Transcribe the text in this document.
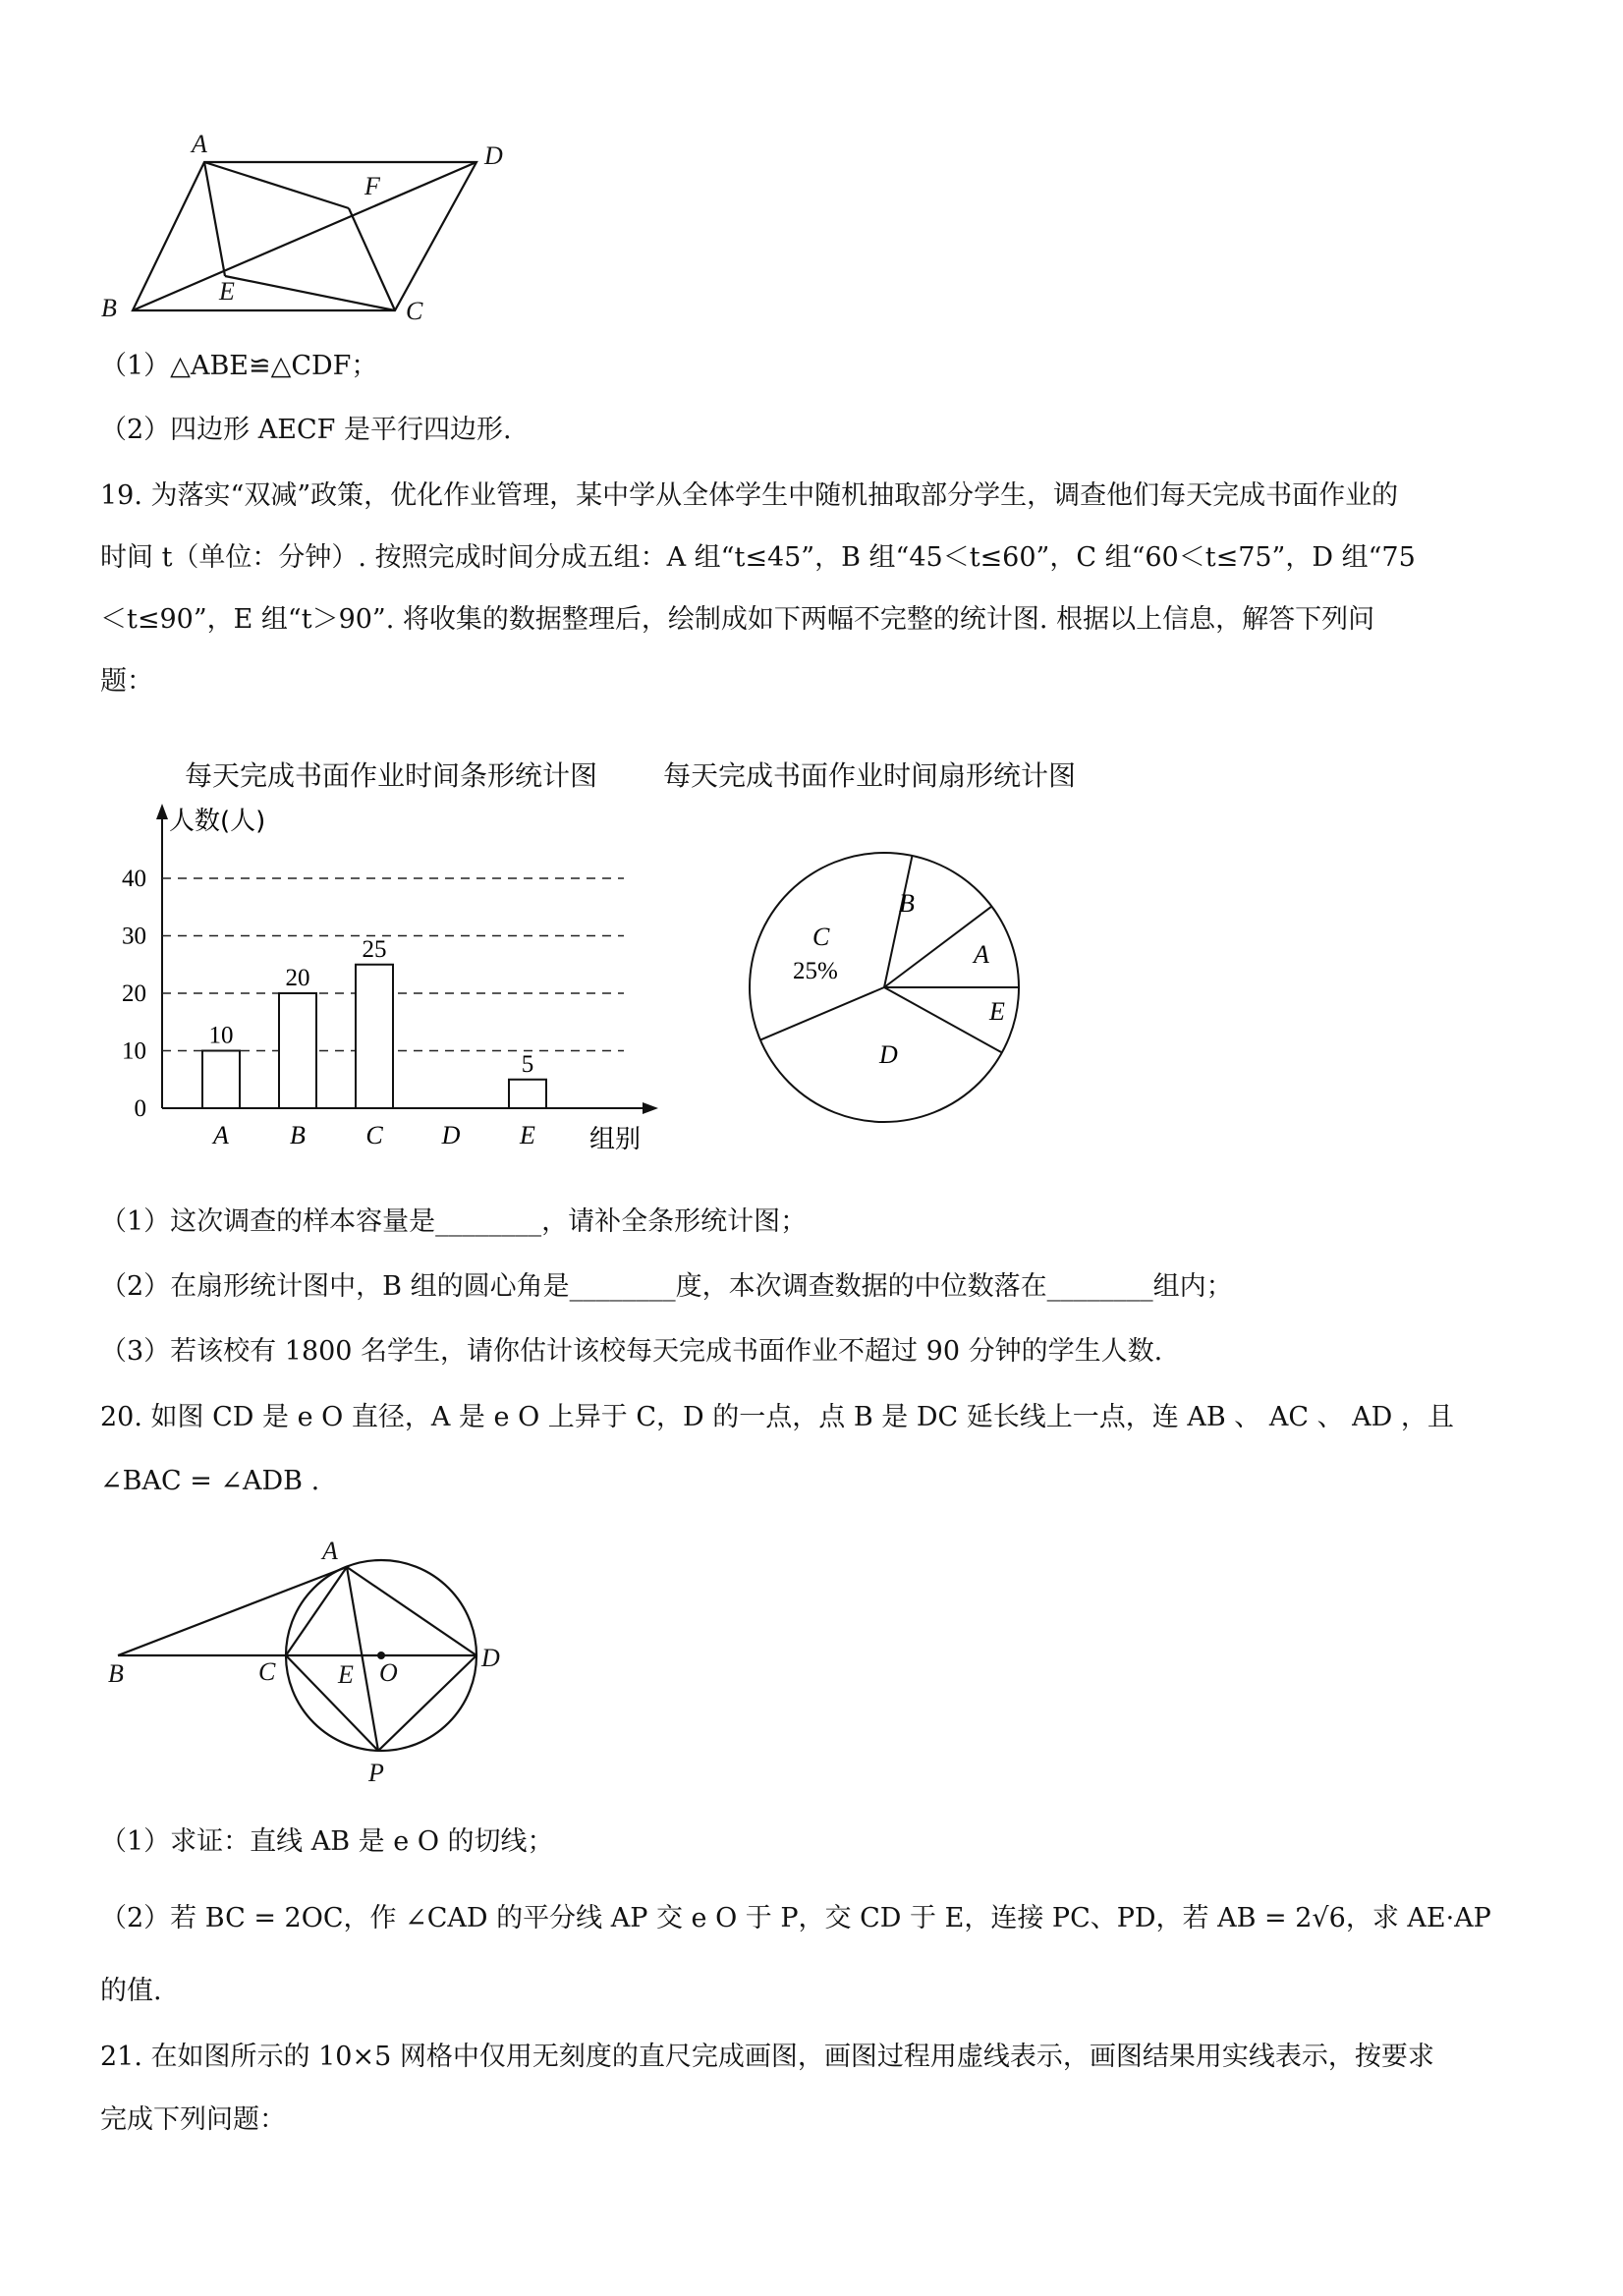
A	D
F
E
B	C
（1）△ABE≌△CDF；
（2）四边形 AECF 是平行四边形.
19. 为落实“双减”政策，优化作业管理，某中学从全体学生中随机抽取部分学生，调查他们每天完成书面作业的
时间 t（单位：分钟）. 按照完成时间分成五组：A 组“t≤45”，B 组“45＜t≤60”，C 组“60＜t≤75”，D 组“75
＜t≤90”，E 组“t＞90”. 将收集的数据整理后，绘制成如下两幅不完整的统计图. 根据以上信息，解答下列问
题：
每天完成书面作业时间条形统计图 每天完成书面作业时间扇形统计图
人数(人)
组别
0
10
20
30
40
10
A
20
B
25
C D
5
E
A
B
C
D
E
25%
（1）这次调查的样本容量是________，请补全条形统计图；
（2）在扇形统计图中，B 组的圆心角是________度，本次调查数据的中位数落在________组内；
（3）若该校有 1800 名学生，请你估计该校每天完成书面作业不超过 90 分钟的学生人数.
20. 如图 CD 是 e O 直径，A 是 e O 上异于 C，D 的一点，点 B 是 DC 延长线上一点，连 AB 、 AC 、 AD ，且
∠BAC = ∠ADB .
A
B	C E O
D
P
（1）求证：直线 AB 是 e O 的切线；
（2）若 BC = 2OC，作 ∠CAD 的平分线 AP 交 e O 于 P，交 CD 于 E，连接 PC、PD，若 AB = 2√6，求 AE·AP
的值.
21. 在如图所示的 10×5 网格中仅用无刻度的直尺完成画图，画图过程用虚线表示，画图结果用实线表示，按要求
完成下列问题：
